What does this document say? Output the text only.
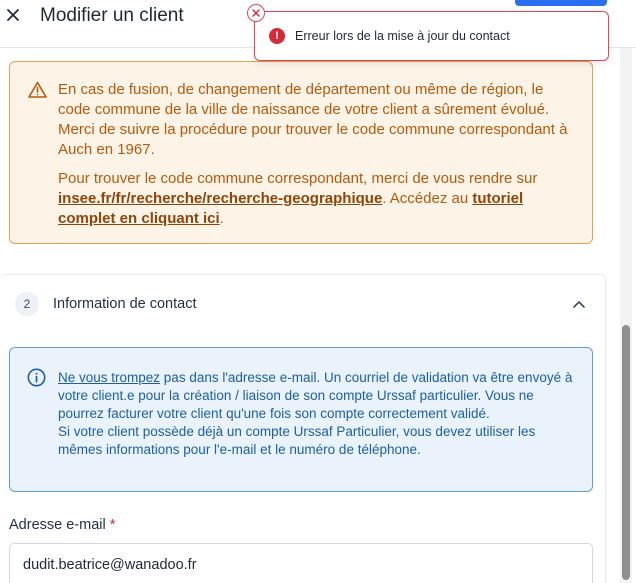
Modifier un client
!	Erreur lors de la mise à jour du contact

En cas de fusion, de changement de département ou même de région, le code commune de la ville de naissance de votre client a sûrement évolué. Merci de suivre la procédure pour trouver le code commune correspondant à Auch en 1967.

Pour trouver le code commune correspondant, merci de vous rendre sur insee.fr/fr/recherche/recherche-geographique. Accédez au tutoriel complet en cliquant ici.

2	Information de contact

Ne vous trompez pas dans l'adresse e-mail. Un courriel de validation va être envoyé à votre client.e pour la création / liaison de son compte Urssaf particulier. Vous ne pourrez facturer votre client qu'une fois son compte correctement validé.

Si votre client possède déjà un compte Urssaf Particulier, vous devez utiliser les mêmes informations pour l'e-mail et le numéro de téléphone.

Adresse e-mail *
dudit.beatrice@wanadoo.fr
